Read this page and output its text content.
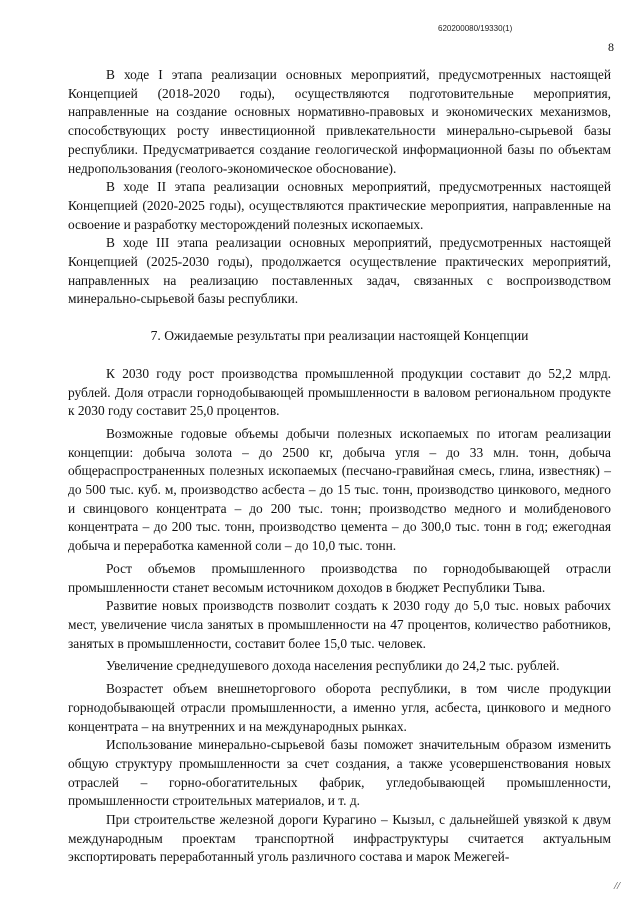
620200080/19330(1)
8

В ходе I этапа реализации основных мероприятий, предусмотренных настоящей Концепцией (2018-2020 годы), осуществляются подготовительные мероприятия, направленные на создание основных нормативно-правовых и экономических механизмов, способствующих росту инвестиционной привлекательности минерально-сырьевой базы республики. Предусматривается создание геологической информационной базы по объектам недропользования (геолого-экономическое обоснование).

В ходе II этапа реализации основных мероприятий, предусмотренных настоящей Концепцией (2020-2025 годы), осуществляются практические мероприятия, направленные на освоение и разработку месторождений полезных ископаемых.

В ходе III этапа реализации основных мероприятий, предусмотренных настоящей Концепцией (2025-2030 годы), продолжается осуществление практических мероприятий, направленных на реализацию поставленных задач, связанных с воспроизводством минерально-сырьевой базы республики.

7. Ожидаемые результаты при реализации настоящей Концепции

К 2030 году рост производства промышленной продукции составит до 52,2 млрд. рублей. Доля отрасли горнодобывающей промышленности в валовом региональном продукте к 2030 году составит 25,0 процентов.

Возможные годовые объемы добычи полезных ископаемых по итогам реализации концепции: добыча золота – до 2500 кг, добыча угля – до 33 млн. тонн, добыча общераспространенных полезных ископаемых (песчано-гравийная смесь, глина, известняк) – до 500 тыс. куб. м, производство асбеста – до 15 тыс. тонн, производство цинкового, медного и свинцового концентрата – до 200 тыс. тонн; производство медного и молибденового концентрата – до 200 тыс. тонн, производство цемента – до 300,0 тыс. тонн в год; ежегодная добыча и переработка каменной соли – до 10,0 тыс. тонн.

Рост объемов промышленного производства по горнодобывающей отрасли промышленности станет весомым источником доходов в бюджет Республики Тыва.

Развитие новых производств позволит создать к 2030 году до 5,0 тыс. новых рабочих мест, увеличение числа занятых в промышленности на 47 процентов, количество работников, занятых в промышленности, составит более 15,0 тыс. человек.

Увеличение среднедушевого дохода населения республики до 24,2 тыс. рублей.

Возрастет объем внешнеторгового оборота республики, в том числе продукции горнодобывающей отрасли промышленности, а именно угля, асбеста, цинкового и медного концентрата – на внутренних и на международных рынках.

Использование минерально-сырьевой базы поможет значительным образом изменить общую структуру промышленности за счет создания, а также усовершенствования новых отраслей – горно-обогатительных фабрик, угледобывающей промышленности, промышленности строительных материалов, и т. д.

При строительстве железной дороги Курагино – Кызыл, с дальнейшей увязкой к двум международным проектам транспортной инфраструктуры считается актуальным экспортировать переработанный уголь различного состава и марок Межегей-

//
